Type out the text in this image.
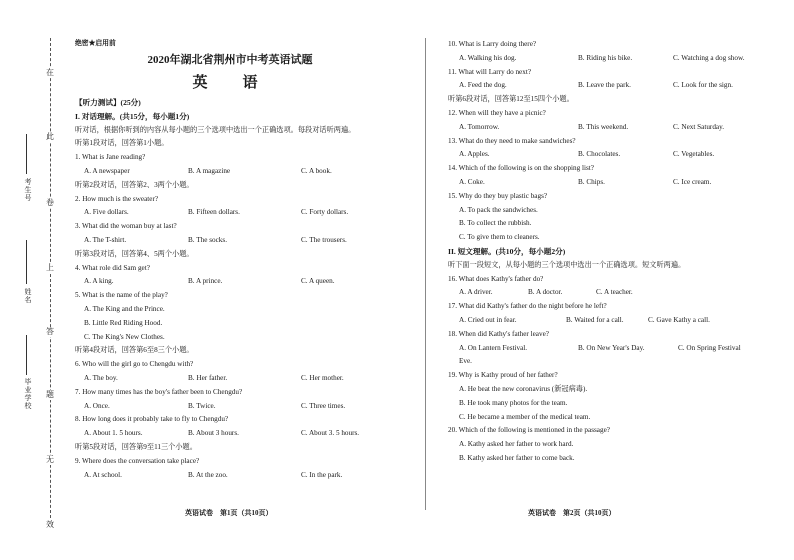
在
此
卷
上
答
题
无
效
考生号
姓名
毕业学校
绝密★启用前
2020年湖北省荆州市中考英语试题
英　语
【听力测试】(25分)
I. 对话理解。(共15分，每小题1分)
听对话，根据你听到的内容从每小题的三个选项中选出一个正确选项。每段对话听两遍。
听第1段对话，回答第1小题。
1. What is Jane reading?
A. A newspaper	B. A magazine	C. A book.
听第2段对话，回答第2、3两个小题。
2. How much is the sweater?
A. Five dollars.	B. Fifteen dollars.	C. Forty dollars.
3. What did the woman buy at last?
A. The T-shirt.	B. The socks.	C. The trousers.
听第3段对话，回答第4、5两个小题。
4. What role did Sam get?
A. A king.	B. A prince.	C. A queen.
5. What is the name of the play?
A. The King and the Prince.
B. Little Red Riding Hood.
C. The King's New Clothes.
听第4段对话，回答第6至8三个小题。
6. Who will the girl go to Chengdu with?
A. The boy.	B. Her father.	C. Her mother.
7. How many times has the boy's father been to Chengdu?
A. Once.	B. Twice.	C. Three times.
8. How long does it probably take to fly to Chengdu?
A. About 1. 5 hours.	B. About 3 hours.	C. About 3. 5 hours.
听第5段对话，回答第9至11三个小题。
9. Where does the conversation take place?
A. At school.	B. At the zoo.	C. In the park.
10. What is Larry doing there?
A. Walking his dog.	B. Riding his bike.	C. Watching a dog show.
11. What will Larry do next?
A. Feed the dog.	B. Leave the park.	C. Look for the sign.
听第6段对话，回答第12至15四个小题。
12. When will they have a picnic?
A. Tomorrow.	B. This weekend.	C. Next Saturday.
13. What do they need to make sandwiches?
A. Apples.	B. Chocolates.	C. Vegetables.
14. Which of the following is on the shopping list?
A. Coke.	B. Chips.	C. Ice cream.
15. Why do they buy plastic bags?
A. To pack the sandwiches.
B. To collect the rubbish.
C. To give them to cleaners.
II. 短文理解。(共10分，每小题2分)
听下面一段短文，从每小题的三个选项中选出一个正确选项。短文听两遍。
16. What does Kathy's father do?
A. A driver.	B. A doctor.	C. A teacher.
17. What did Kathy's father do the night before he left?
A. Cried out in fear.	B. Waited for a call.	C. Gave Kathy a call.
18. When did Kathy's father leave?
A. On Lantern Festival.	B. On New Year's Day.	C. On Spring Festival
Eve.
19. Why is Kathy proud of her father?
A. He beat the new coronavirus (新冠病毒).
B. He took many photos for the team.
C. He became a member of the medical team.
20. Which of the following is mentioned in the passage?
A. Kathy asked her father to work hard.
B. Kathy asked her father to come back.
英语试卷　第1页（共10页）	英语试卷　第2页（共10页）
